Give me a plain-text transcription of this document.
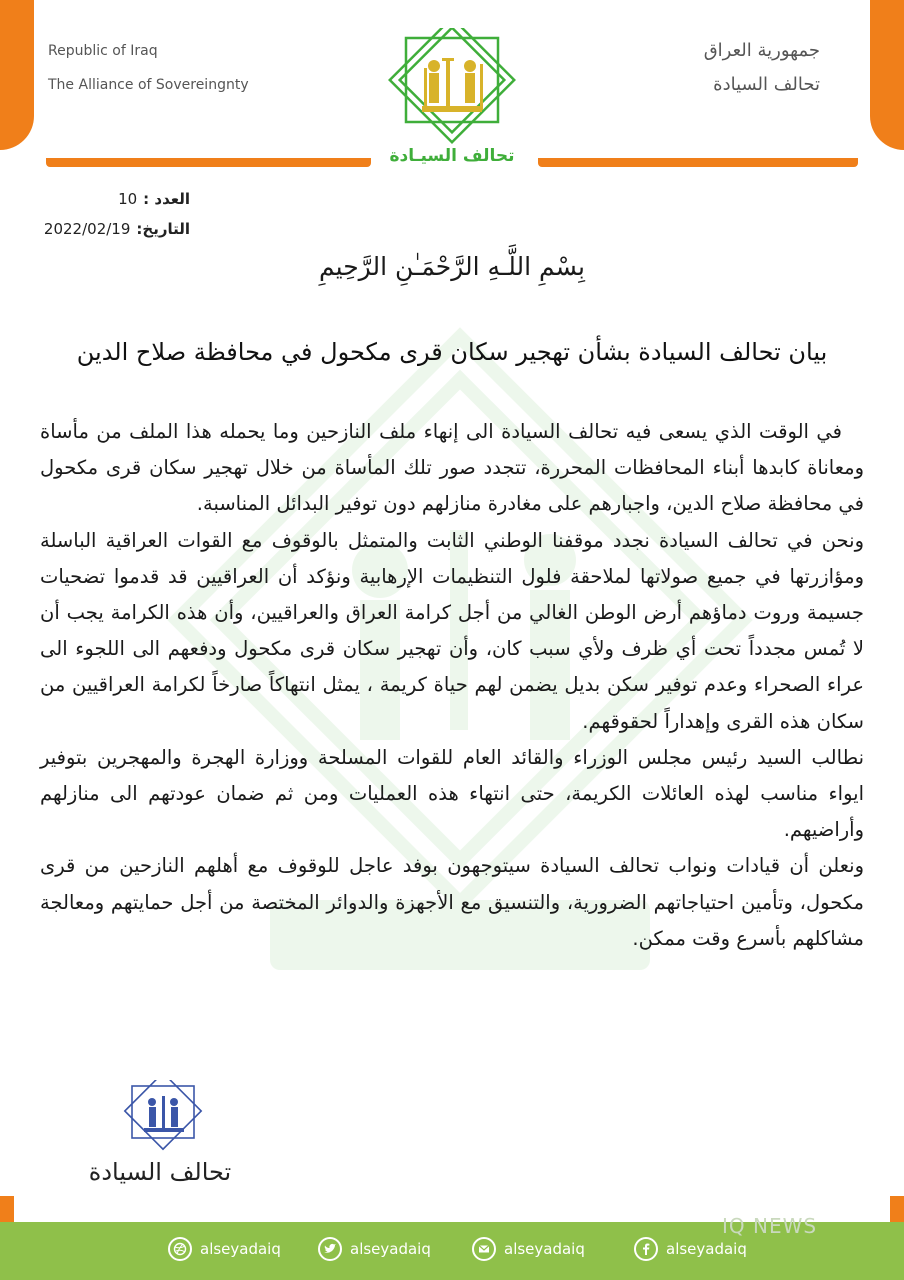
Republic of Iraq
The Alliance of Sovereingnty
جمهورية العراق
تحالف السيادة
تحالف السيـادة
العدد :
10
التاريخ:
2022/02/19
بِسْمِ اللَّـهِ الرَّحْمَـٰنِ الرَّحِيمِ
بيان تحالف السيادة بشأن تهجير سكان قرى مكحول في محافظة صلاح الدين

في الوقت الذي يسعى فيه تحالف السيادة الى إنهاء ملف النازحين وما يحمله هذا الملف من مأساة ومعاناة كابدها أبناء المحافظات المحررة، تتجدد صور تلك المأساة من خلال تهجير سكان قرى مكحول في محافظة صلاح الدين، واجبارهم على مغادرة منازلهم دون توفير البدائل المناسبة.

ونحن في تحالف السيادة نجدد موقفنا الوطني الثابت والمتمثل بالوقوف مع القوات العراقية الباسلة ومؤازرتها في جميع صولاتها لملاحقة فلول التنظيمات الإرهابية ونؤكد أن العراقيين قد قدموا تضحيات جسيمة وروت دماؤهم أرض الوطن الغالي من أجل كرامة العراق والعراقيين، وأن هذه الكرامة يجب أن لا تُمس مجدداً تحت أي ظرف ولأي سبب كان، وأن تهجير سكان قرى مكحول ودفعهم الى اللجوء الى عراء الصحراء وعدم توفير سكن بديل يضمن لهم حياة كريمة ، يمثل انتهاكاً صارخاً لكرامة العراقيين من سكان هذه القرى وإهداراً لحقوقهم.

نطالب السيد رئيس مجلس الوزراء والقائد العام للقوات المسلحة ووزارة الهجرة والمهجرين بتوفير ايواء مناسب لهذه العائلات الكريمة، حتى انتهاء هذه العمليات ومن ثم ضمان عودتهم الى منازلهم وأراضيهم.

ونعلن أن قيادات ونواب تحالف السيادة سيتوجهون بوفد عاجل للوقوف مع أهلهم النازحين من قرى مكحول، وتأمين احتياجاتهم الضرورية، والتنسيق مع الأجهزة والدوائر المختصة من أجل حمايتهم ومعالجة مشاكلهم بأسرع وقت ممكن.

تحالف السيادة
alseyadaiq	alseyadaiq	alseyadaiq	alseyadaiq
IQ NEWS
